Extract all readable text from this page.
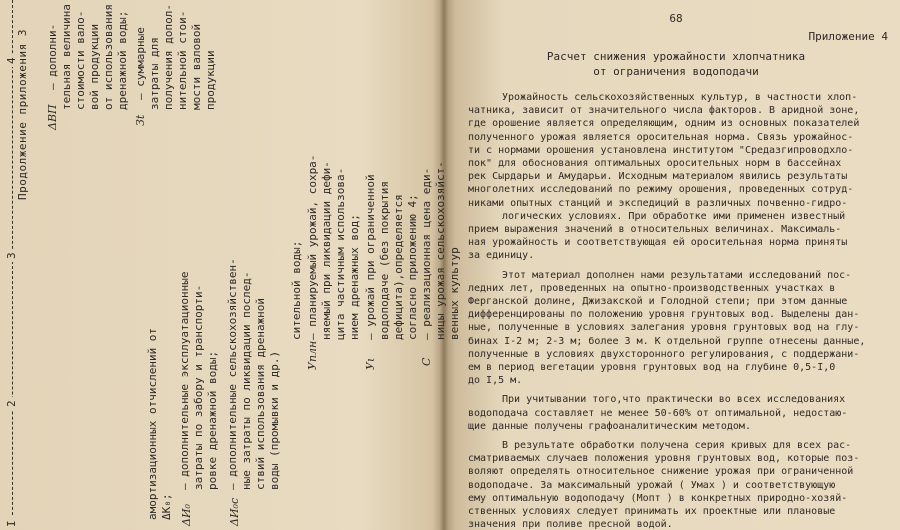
I
2
3
4
Продолжение приложения 3
амортизационных отчислений от ΔК₀; ΔИ₀
– дополнительные эксплуатационные затраты по забору и транспорти- ровке дренажной воды;
ΔИ₀с
– дополнительные сельскохозяйствен- ные затраты по ликвидации послед- ствий использования дренажной воды (промывки и др.)
сительной воды;
Уплн
– планируемый урожай, сохра- няемый при ликвидации дефи- цита частичным использова- нием дренажных вод;
Уι
– урожай при ограниченной водоподаче (без покрытия дефицита),определяется согласно приложению 4;
С
– реализационная цена еди- ницы урожая сельскохозяйст- венных культур
ΔВП
– дополни- тельная величина стоимости вало- вой продукции от использования дренажной воды;
Зt
– суммарные затраты для получения допол- нительной стои- мости валовой продукции
68
Приложение 4
Расчет снижения урожайности хлопчатника
от ограничения водоподачи
Урожайность сельскохозяйственных культур, в частности хлоп-
чатника, зависит от значительного числа факторов. В аридной зоне,
где орошение является определяющим, одним из основных показателей
полученного урожая является оросительная норма. Связь урожайнос-
ти с нормами орошения установлена институтом "Средазгипроводхло-
пок" для обоснования оптимальных оросительных норм в бассейнах
рек Сырдарьи и Амударьи. Исходным материалом явились результаты
многолетних исследований по режиму орошения, проведенных сотруд-
никами опытных станций и экспедиций в различных почвенно-гидро-
логических условиях. При обработке ими применен известный
прием выражения значений в относительных величинах. Максималь-
ная урожайность и соответствующая ей оросительная норма приняты
за единицу.
Этот материал дополнен нами результатами исследований пос-
ледних лет, проведенных на опытно-производственных участках в
Ферганской долине, Джизакской и Голодной степи; при этом данные
дифференцированы по положению уровня грунтовых вод. Выделены дан-
ные, полученные в условиях залегания уровня грунтовых вод на глу-
бинах I-2 м; 2-3 м; более 3 м. К отдельной группе отнесены данные,
полученные в условиях двухсторонного регулирования, с поддержани-
ем в период вегетации уровня грунтовых вод на глубине 0,5-I,0
до I,5 м.
При учитывании того,что практически во всех исследованиях
водоподача составляет не менее 50-60% от оптимальной, недостаю-
щие данные получены графоаналитическим методом.
В результате обработки получена серия кривых для всех рас-
сматриваемых случаев положения уровня грунтовых вод, которые поз-
воляют определять относительное снижение урожая при ограниченной
водоподаче. За максимальный урожай ( Умах ) и соответствующую
ему оптимальную водоподачу (Мопт ) в конкретных природно-хозяй-
ственных условиях следует принимать их проектные или плановые
значения при поливе пресной водой.
